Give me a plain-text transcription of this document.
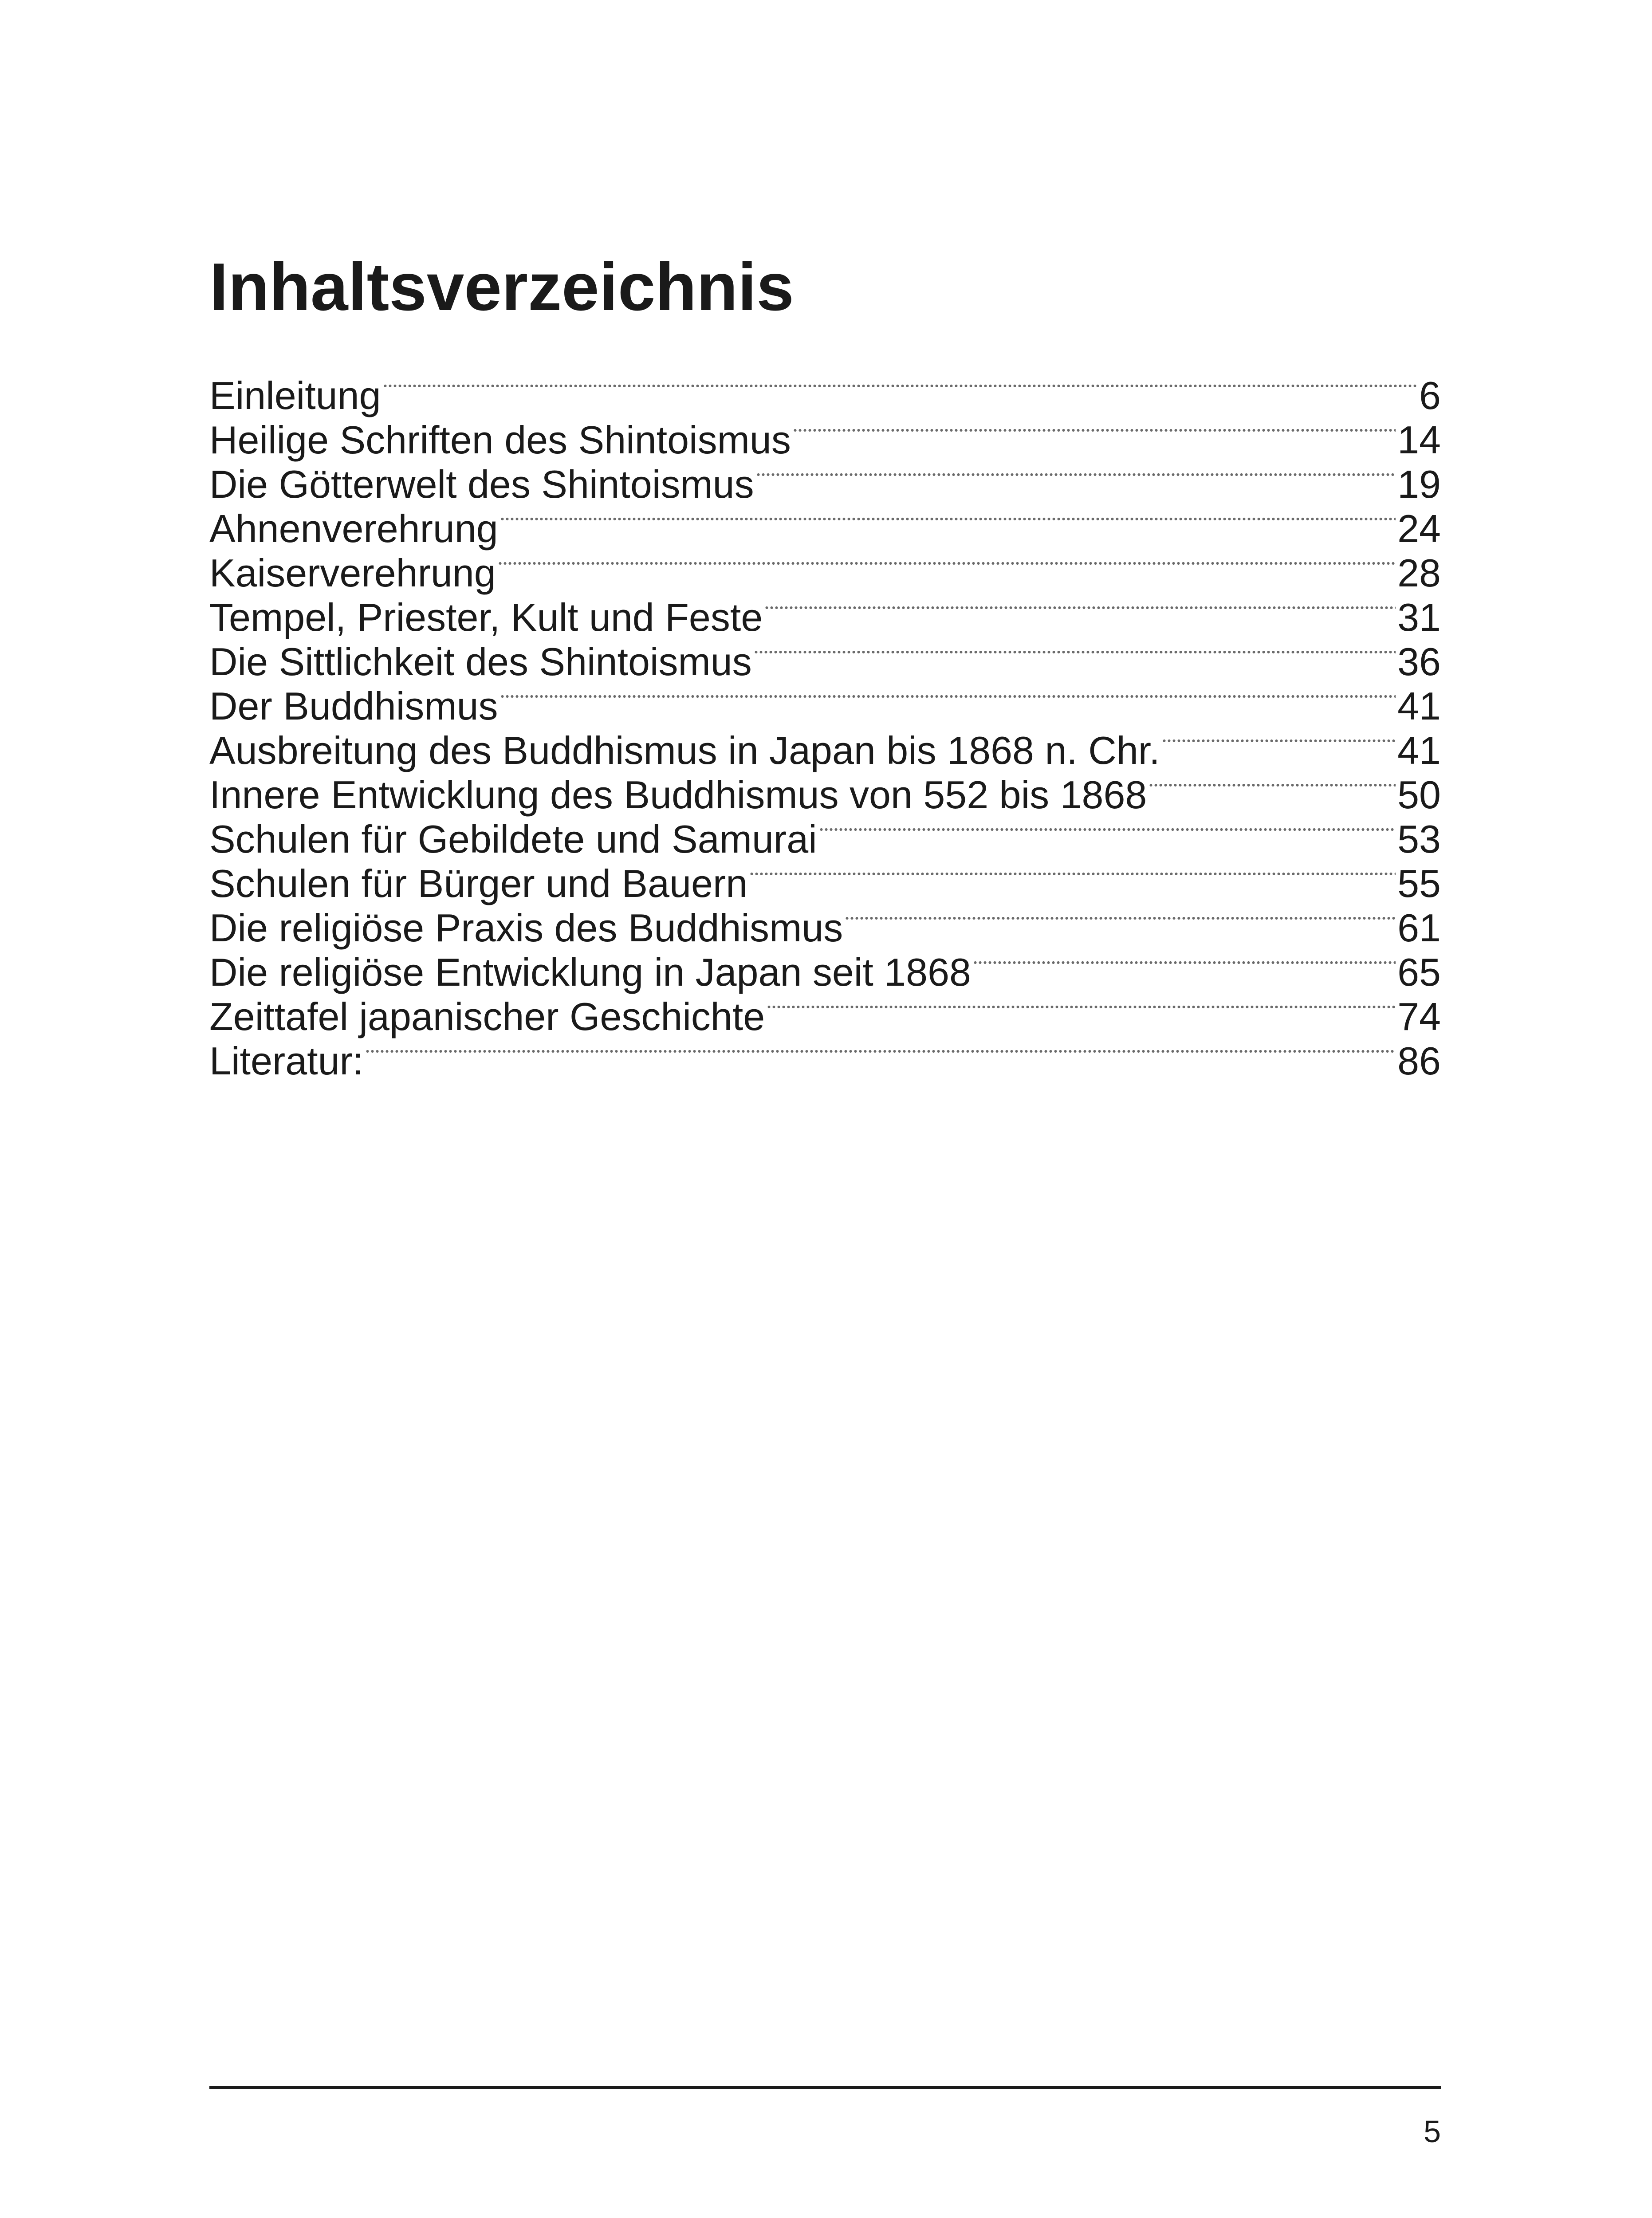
Inhaltsverzeichnis
Einleitung	6
Heilige Schriften des Shintoismus	14
Die Götterwelt des Shintoismus	19
Ahnenverehrung	24
Kaiserverehrung	28
Tempel, Priester, Kult und Feste	31
Die Sittlichkeit des Shintoismus	36
Der Buddhismus	41
Ausbreitung des Buddhismus in Japan bis 1868 n. Chr.	41
Innere Entwicklung des Buddhismus von 552 bis 1868	50
Schulen für Gebildete und Samurai	53
Schulen für Bürger und Bauern	55
Die religiöse Praxis des Buddhismus	61
Die religiöse Entwicklung in Japan seit 1868	65
Zeittafel japanischer Geschichte	74
Literatur:	86
5
